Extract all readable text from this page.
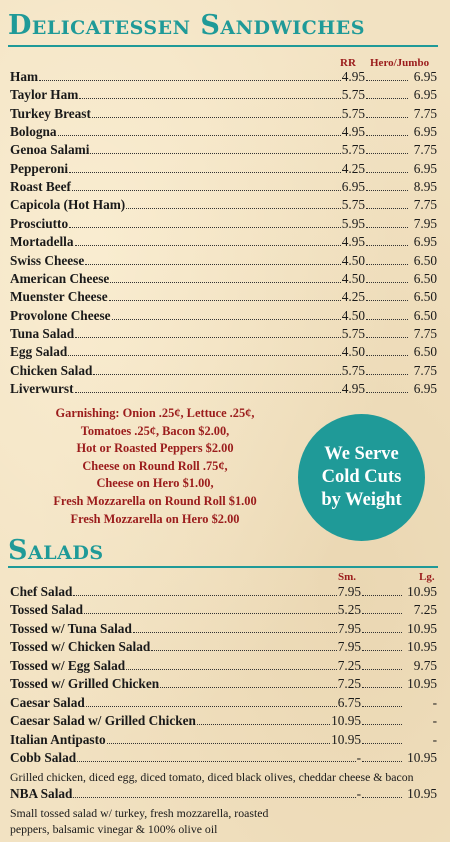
Delicatessen Sandwiches
RR Hero/Jumbo
Ham	4.95	6.95
Taylor Ham	5.75	6.95
Turkey Breast	5.75	7.75
Bologna	4.95	6.95
Genoa Salami	5.75	7.75
Pepperoni	4.25	6.95
Roast Beef	6.95	8.95
Capicola (Hot Ham)	5.75	7.75
Prosciutto	5.95	7.95
Mortadella	4.95	6.95
Swiss Cheese	4.50	6.50
American Cheese	4.50	6.50
Muenster Cheese	4.25	6.50
Provolone Cheese	4.50	6.50
Tuna Salad	5.75	7.75
Egg Salad	4.50	6.50
Chicken Salad	5.75	7.75
Liverwurst	4.95	6.95
Garnishing: Onion .25¢, Lettuce .25¢,
Tomatoes .25¢, Bacon $2.00,
Hot or Roasted Peppers $2.00
Cheese on Round Roll .75¢,
Cheese on Hero $1.00,
Fresh Mozzarella on Round Roll $1.00
Fresh Mozzarella on Hero $2.00
We Serve
Cold Cuts
by Weight
Salads
Sm.	Lg.
Chef Salad	7.95	10.95
Tossed Salad	5.25	7.25
Tossed w/ Tuna Salad	7.95	10.95
Tossed w/ Chicken Salad	7.95	10.95
Tossed w/ Egg Salad	7.25	9.75
Tossed w/ Grilled Chicken	7.25	10.95
Caesar Salad	6.75	-
Caesar Salad w/ Grilled Chicken	10.95	-
Italian Antipasto	10.95	-
Cobb Salad	-	10.95
NBA Salad	-	10.95
Grilled chicken, diced egg, diced tomato, diced black olives, cheddar cheese & bacon
Small tossed salad w/ turkey, fresh mozzarella, roasted
peppers, balsamic vinegar & 100% olive oil
